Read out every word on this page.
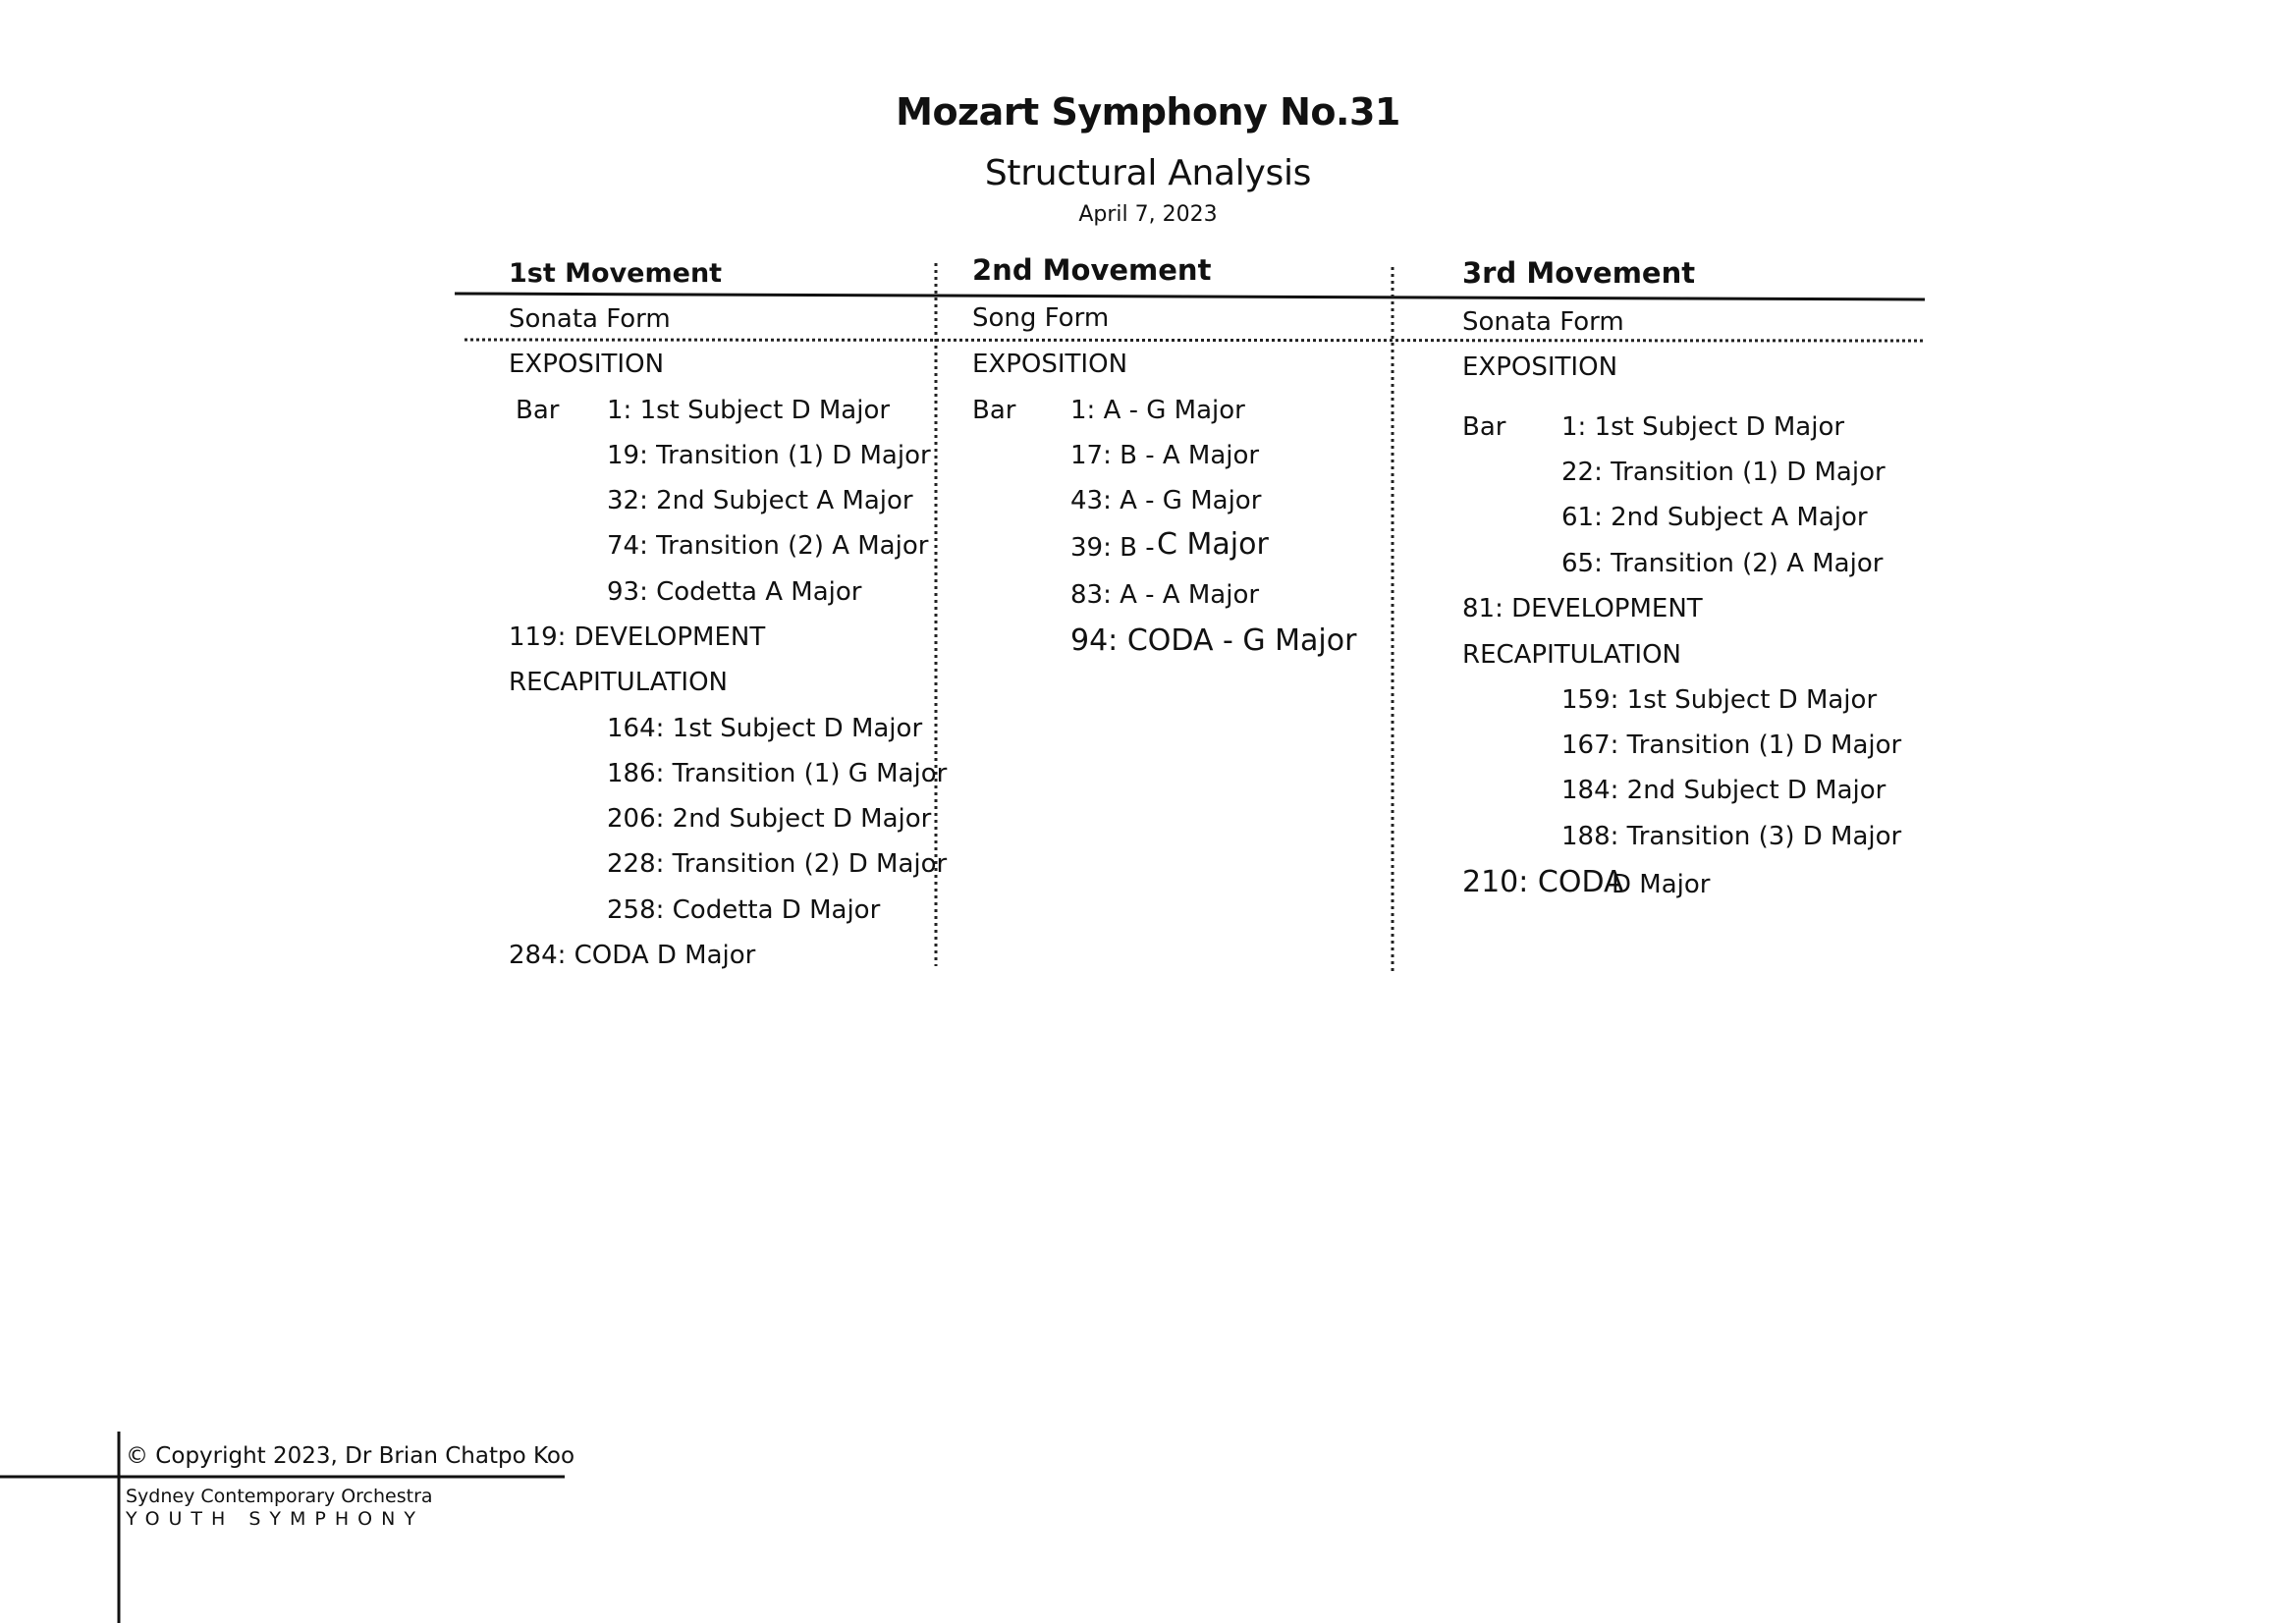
Mozart Symphony No.31
Structural Analysis
April 7, 2023
1st Movement
Sonata Form
EXPOSITION
Bar 1: 1st Subject D Major
19: Transition (1) D Major
32: 2nd Subject A Major
74: Transition (2) A Major
93: Codetta A Major
119: DEVELOPMENT
RECAPITULATION
164: 1st Subject D Major
186: Transition (1) G Major
206: 2nd Subject D Major
228: Transition (2) D Major
258: Codetta D Major
284: CODA D Major
2nd Movement
Song Form
EXPOSITION
Bar 1: A - G Major
17: B - A Major
43: A - G Major
39: B - C Major
83: A - A Major
94: CODA - G Major
3rd Movement
Sonata Form
EXPOSITION
Bar 1: 1st Subject D Major
22: Transition (1) D Major
61: 2nd Subject A Major
65: Transition (2) A Major
81: DEVELOPMENT
RECAPITULATION
159: 1st Subject D Major
167: Transition (1) D Major
184: 2nd Subject D Major
188: Transition (3) D Major
210: CODA
D Major
© Copyright 2023, Dr Brian Chatpo Koo
Sydney Contemporary Orchestra
YOUTH SYMPHONY
